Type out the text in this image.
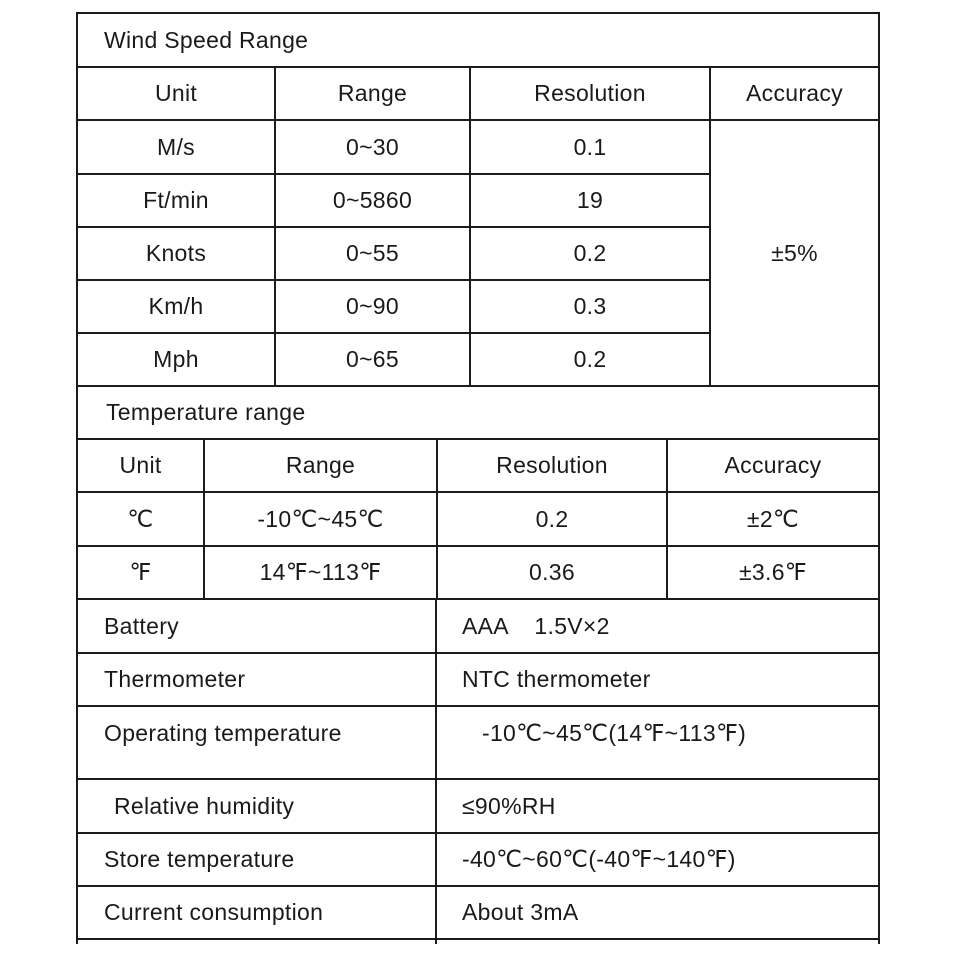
Wind Speed Range
Unit	Range	Resolution	Accuracy
M/s	0~30	0.1
Ft/min	0~5860	19
Knots	0~55	0.2
Km/h	0~90	0.3
Mph	0~65	0.2
±5%
Temperature range
Unit	Range	Resolution	Accuracy
℃	-10℃~45℃	0.2	±2℃
℉	14℉~113℉	0.36	±3.6℉
Battery	AAA    1.5V×2
Thermometer	NTC thermometer
Operating temperature	-10℃~45℃(14℉~113℉)
Relative humidity	≤90%RH
Store temperature	-40℃~60℃(-40℉~140℉)
Current consumption	About 3mA
